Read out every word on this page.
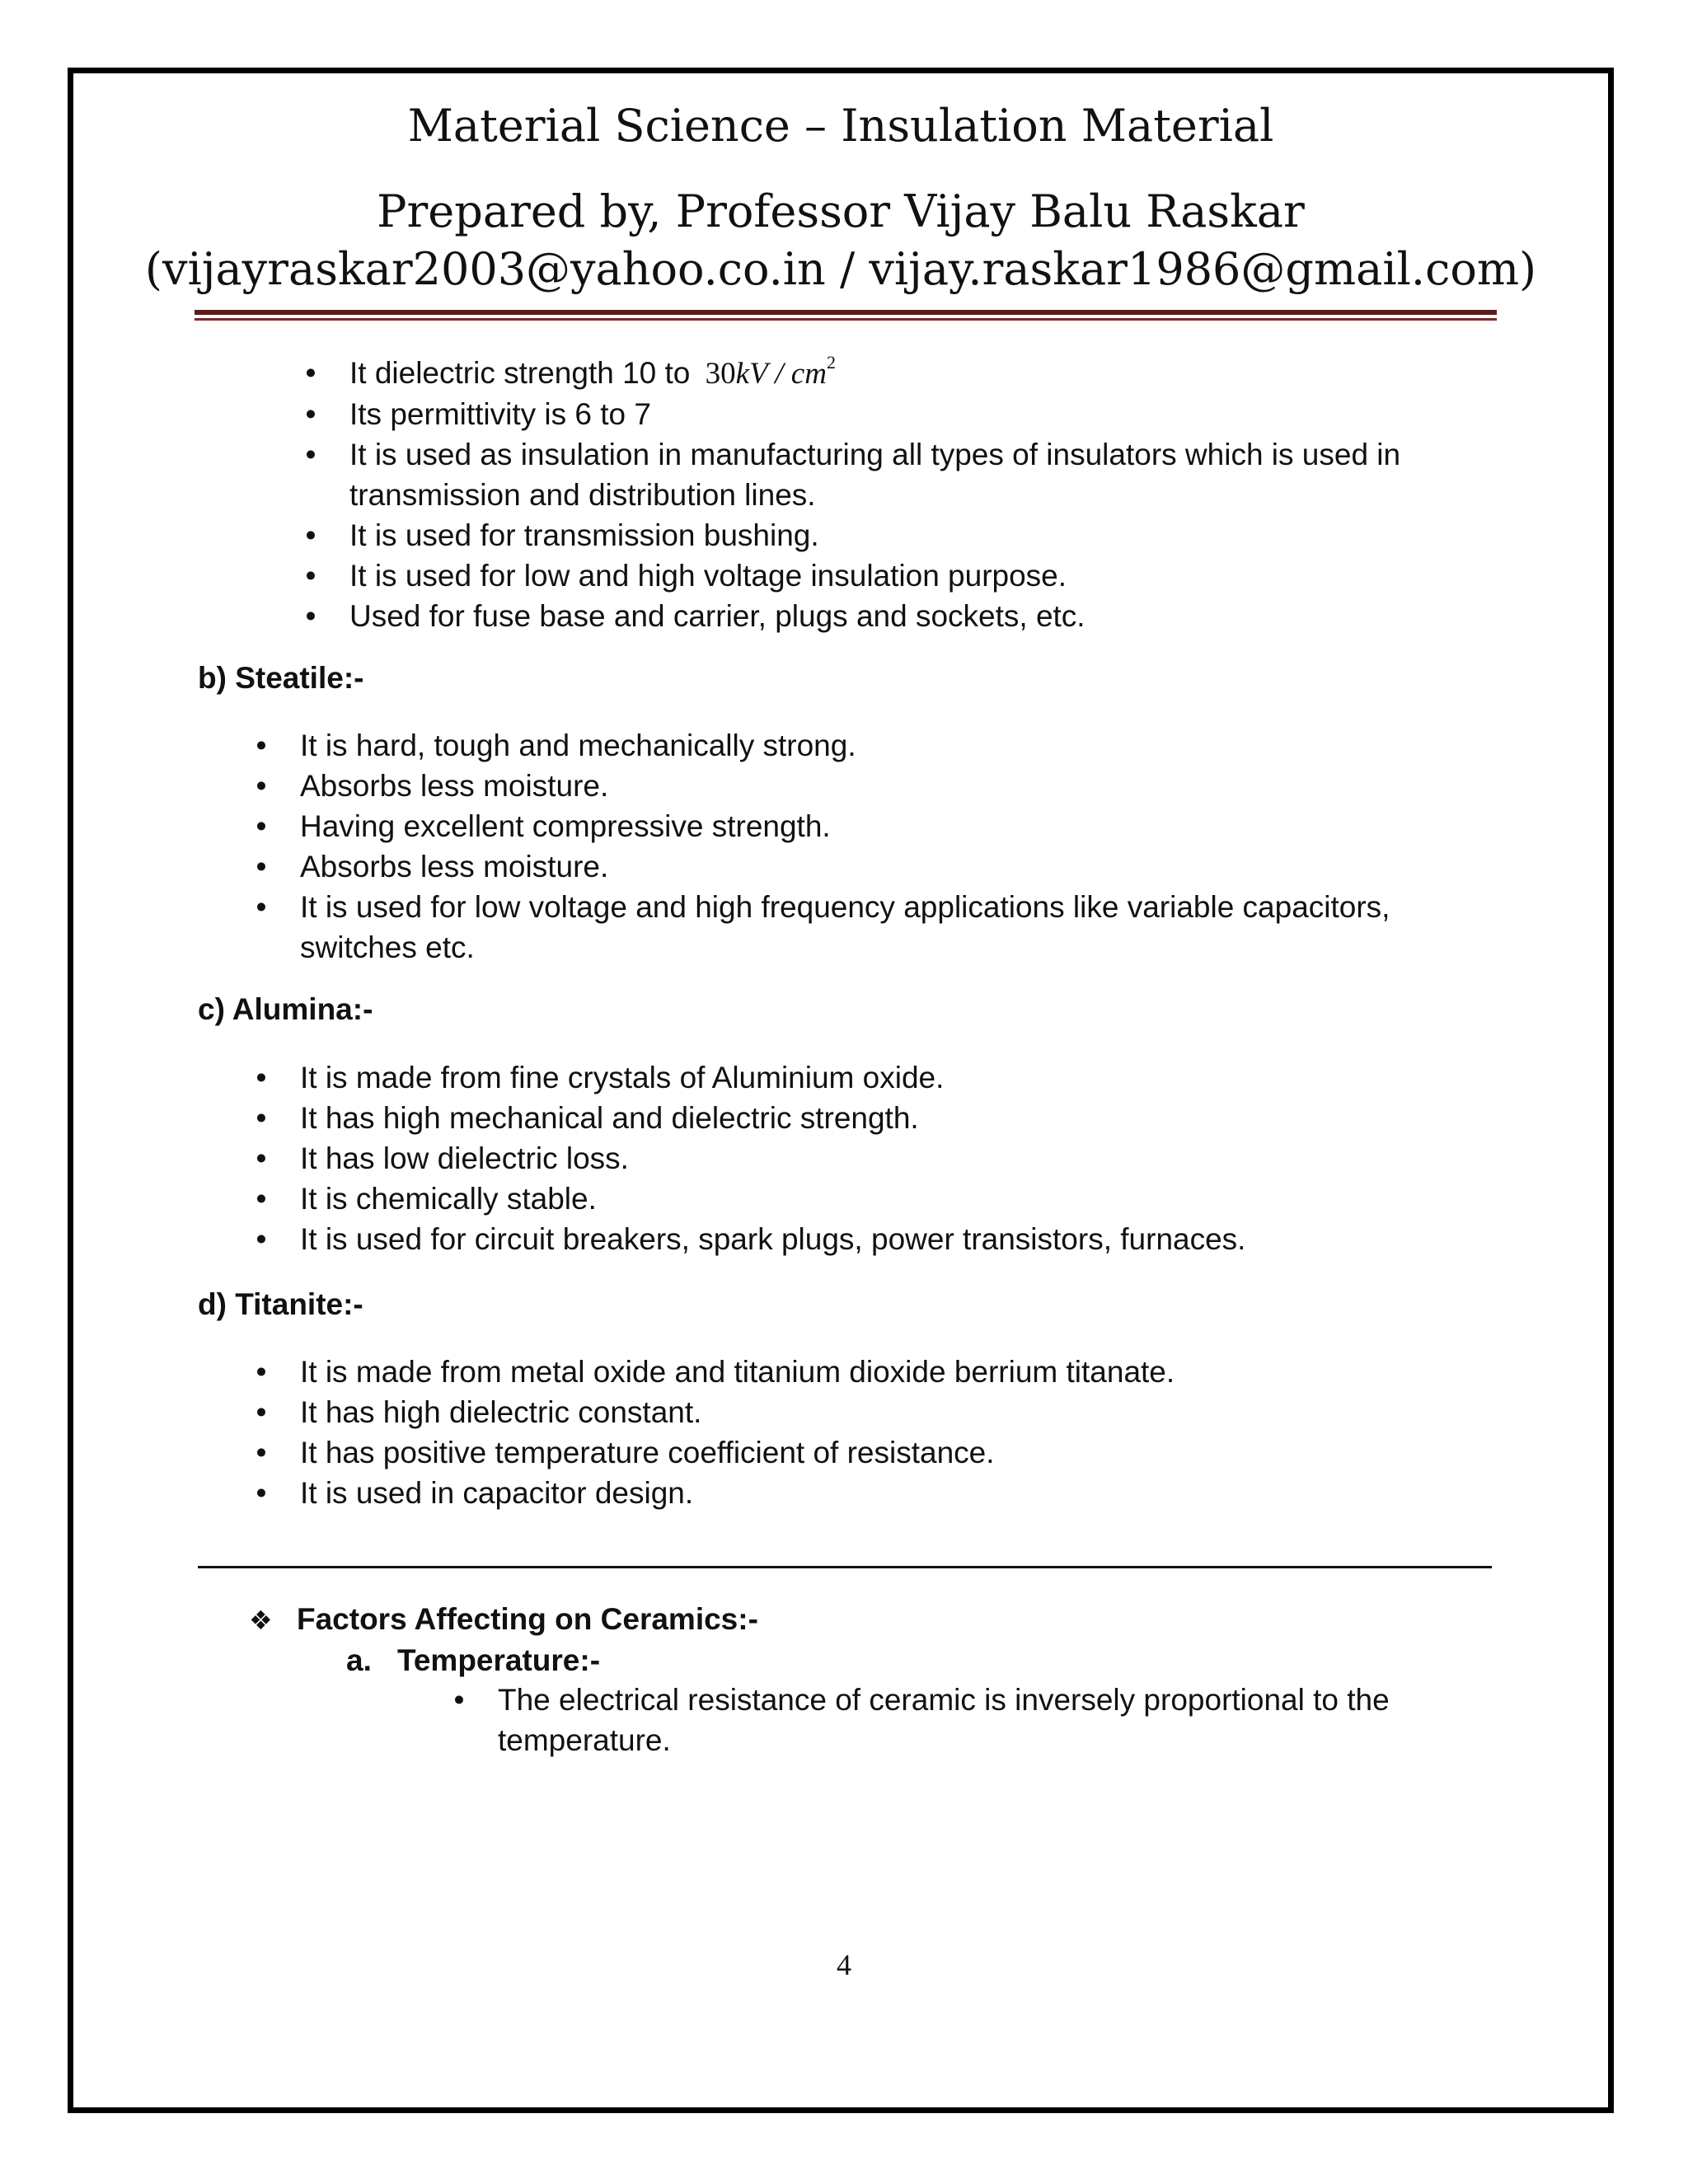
Material Science – Insulation Material
Prepared by, Professor Vijay Balu Raskar
(vijayraskar2003@yahoo.co.in / vijay.raskar1986@gmail.com)
• It dielectric strength 10 to $30kV / cm^2$
• Its permittivity is 6 to 7
• It is used as insulation in manufacturing all types of insulators which is used in transmission and distribution lines.
• It is used for transmission bushing.
• It is used for low and high voltage insulation purpose.
• Used for fuse base and carrier, plugs and sockets, etc.
b) Steatile:-
• It is hard, tough and mechanically strong.
• Absorbs less moisture.
• Having excellent compressive strength.
• Absorbs less moisture.
• It is used for low voltage and high frequency applications like variable capacitors, switches etc.
c) Alumina:-
• It is made from fine crystals of Aluminium oxide.
• It has high mechanical and dielectric strength.
• It has low dielectric loss.
• It is chemically stable.
• It is used for circuit breakers, spark plugs, power transistors, furnaces.
d) Titanite:-
• It is made from metal oxide and titanium dioxide berrium titanate.
• It has high dielectric constant.
• It has positive temperature coefficient of resistance.
• It is used in capacitor design.
❖ Factors Affecting on Ceramics:-
a. Temperature:-
• The electrical resistance of ceramic is inversely proportional to the temperature.
4
